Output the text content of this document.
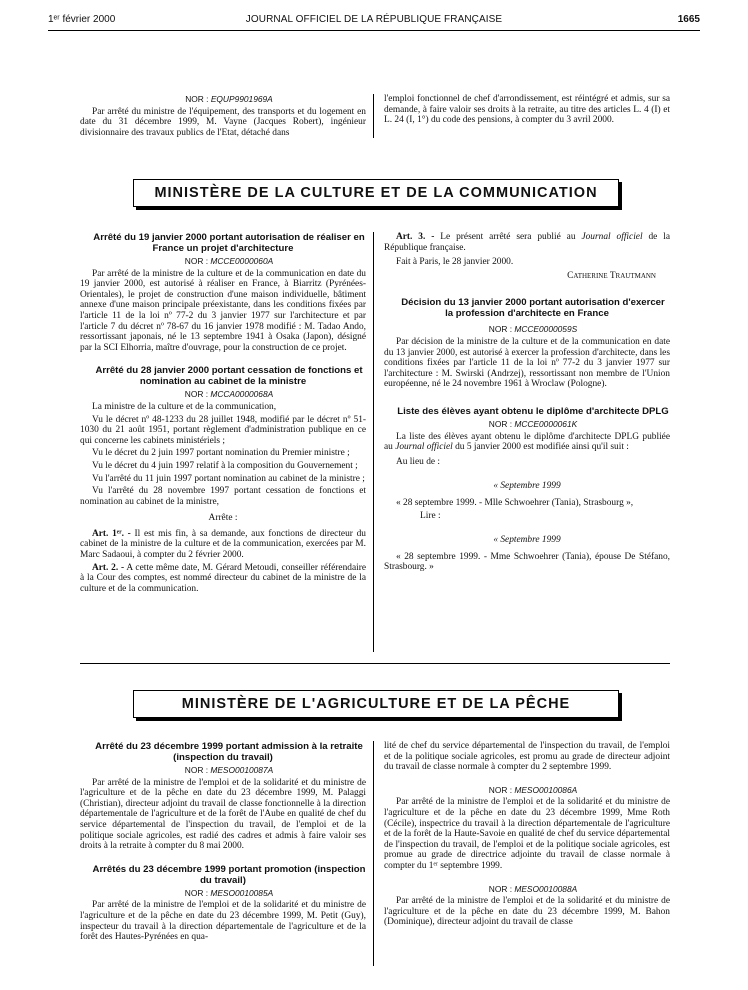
1ᵉʳ février 2000	JOURNAL OFFICIEL DE LA RÉPUBLIQUE FRANÇAISE	1665

NOR : EQUP9901969A

Par arrêté du ministre de l'équipement, des transports et du logement en date du 31 décembre 1999, M. Vayne (Jacques Robert), ingénieur divisionnaire des travaux publics de l'Etat, détaché dans

l'emploi fonctionnel de chef d'arrondissement, est réintégré et admis, sur sa demande, à faire valoir ses droits à la retraite, au titre des articles L. 4 (I) et L. 24 (I, 1°) du code des pensions, à compter du 3 avril 2000.

MINISTÈRE DE LA CULTURE ET DE LA COMMUNICATION

Arrêté du 19 janvier 2000 portant autorisation de réaliser en France un projet d'architecture

NOR : MCCE0000060A

Par arrêté de la ministre de la culture et de la communication en date du 19 janvier 2000, est autorisé à réaliser en France, à Biarritz (Pyrénées-Orientales), le projet de construction d'une maison individuelle, bâtiment annexe d'une maison principale préexistante, dans les conditions fixées par l'article 11 de la loi nº 77-2 du 3 janvier 1977 sur l'architecture et par l'article 7 du décret nº 78-67 du 16 janvier 1978 modifié : M. Tadao Ando, ressortissant japonais, né le 13 septembre 1941 à Osaka (Japon), désigné par la SCI Elhorria, maître d'ouvrage, pour la construction de ce projet.

Arrêté du 28 janvier 2000 portant cessation de fonctions et nomination au cabinet de la ministre

NOR : MCCA0000068A

La ministre de la culture et de la communication,

Vu le décret nº 48-1233 du 28 juillet 1948, modifié par le décret nº 51-1030 du 21 août 1951, portant règlement d'administration publique en ce qui concerne les cabinets ministériels ;

Vu le décret du 2 juin 1997 portant nomination du Premier ministre ;

Vu le décret du 4 juin 1997 relatif à la composition du Gouvernement ;

Vu l'arrêté du 11 juin 1997 portant nomination au cabinet de la ministre ;

Vu l'arrêté du 28 novembre 1997 portant cessation de fonctions et nomination au cabinet de la ministre,

Arrête :

Art. 1ᵉʳ. - Il est mis fin, à sa demande, aux fonctions de directeur du cabinet de la ministre de la culture et de la communication, exercées par M. Marc Sadaoui, à compter du 2 février 2000.

Art. 2. - A cette même date, M. Gérard Metoudi, conseiller référendaire à la Cour des comptes, est nommé directeur du cabinet de la ministre de la culture et de la communication.

Art. 3. - Le présent arrêté sera publié au Journal officiel de la République française.

Fait à Paris, le 28 janvier 2000.

Catherine Trautmann

Décision du 13 janvier 2000 portant autorisation d'exercer la profession d'architecte en France

NOR : MCCE0000059S

Par décision de la ministre de la culture et de la communication en date du 13 janvier 2000, est autorisé à exercer la profession d'architecte, dans les conditions fixées par l'article 11 de la loi nº 77-2 du 3 janvier 1977 sur l'architecture : M. Swirski (Andrzej), ressortissant non membre de l'Union européenne, né le 24 novembre 1961 à Wroclaw (Pologne).

Liste des élèves ayant obtenu le diplôme d'architecte DPLG

NOR : MCCE0000061K

La liste des élèves ayant obtenu le diplôme d'architecte DPLG publiée au Journal officiel du 5 janvier 2000 est modifiée ainsi qu'il suit :

Au lieu de :

« Septembre 1999

« 28 septembre 1999. - Mlle Schwoehrer (Tania), Strasbourg »,

Lire :

« Septembre 1999

« 28 septembre 1999. - Mme Schwoehrer (Tania), épouse De Stéfano, Strasbourg. »

MINISTÈRE DE L'AGRICULTURE ET DE LA PÊCHE

Arrêté du 23 décembre 1999 portant admission à la retraite (inspection du travail)

NOR : MESO0010087A

Par arrêté de la ministre de l'emploi et de la solidarité et du ministre de l'agriculture et de la pêche en date du 23 décembre 1999, M. Palaggi (Christian), directeur adjoint du travail de classe fonctionnelle à la direction départementale de l'agriculture et de la forêt de l'Aube en qualité de chef du service départemental de l'inspection du travail, de l'emploi et de la politique sociale agricoles, est radié des cadres et admis à faire valoir ses droits à la retraite à compter du 8 mai 2000.

Arrêtés du 23 décembre 1999 portant promotion (inspection du travail)

NOR : MESO0010085A

Par arrêté de la ministre de l'emploi et de la solidarité et du ministre de l'agriculture et de la pêche en date du 23 décembre 1999, M. Petit (Guy), inspecteur du travail à la direction départementale de l'agriculture et de la forêt des Hautes-Pyrénées en qua-

lité de chef du service départemental de l'inspection du travail, de l'emploi et de la politique sociale agricoles, est promu au grade de directeur adjoint du travail de classe normale à compter du 2 septembre 1999.

NOR : MESO0010086A

Par arrêté de la ministre de l'emploi et de la solidarité et du ministre de l'agriculture et de la pêche en date du 23 décembre 1999, Mme Roth (Cécile), inspectrice du travail à la direction départementale de l'agriculture et de la forêt de la Haute-Savoie en qualité de chef du service départemental de l'inspection du travail, de l'emploi et de la politique sociale agricoles, est promue au grade de directrice adjointe du travail de classe normale à compter du 1ᵉʳ septembre 1999.

NOR : MESO0010088A

Par arrêté de la ministre de l'emploi et de la solidarité et du ministre de l'agriculture et de la pêche en date du 23 décembre 1999, M. Bahon (Dominique), directeur adjoint du travail de classe
